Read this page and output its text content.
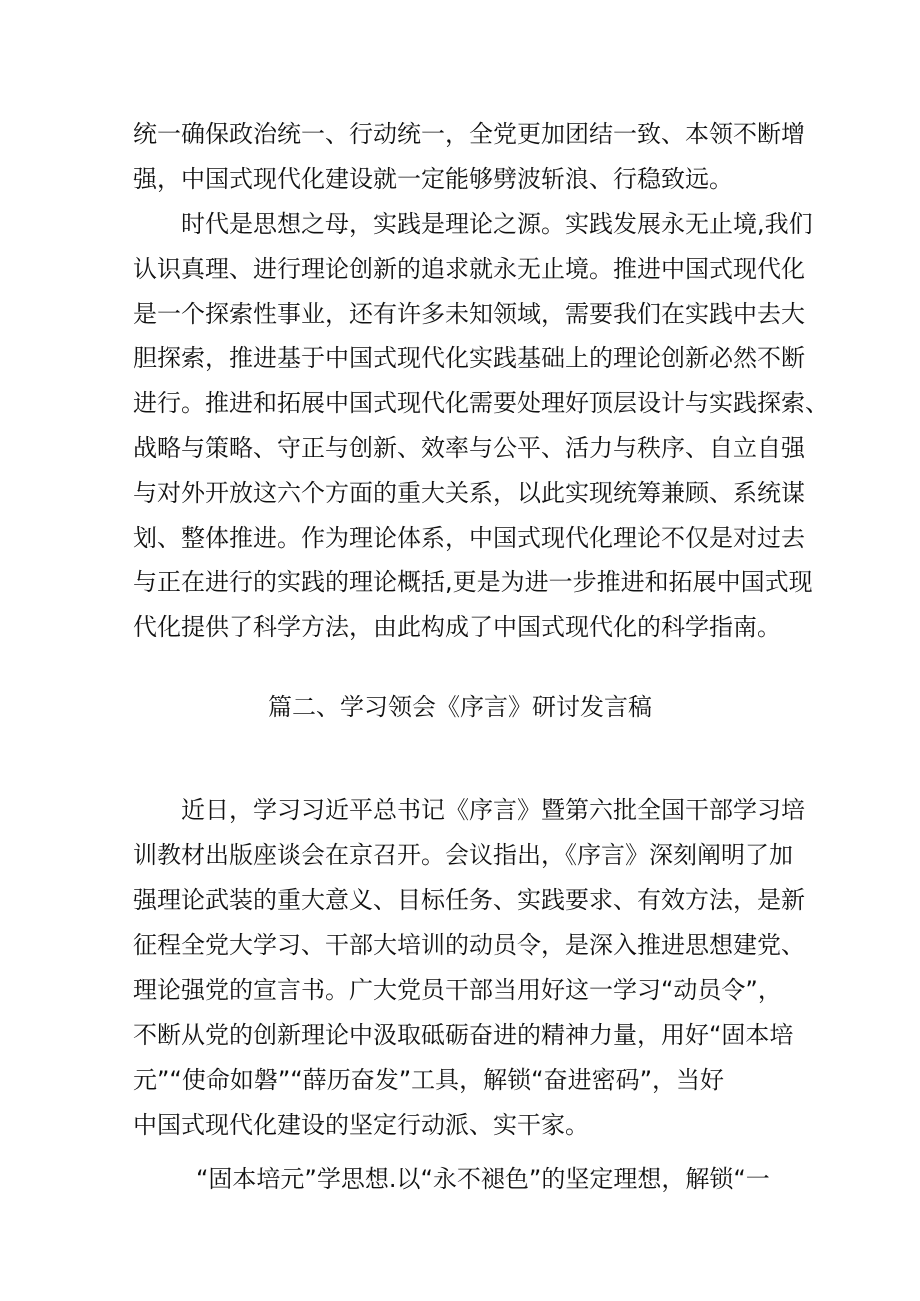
统一确保政治统一、行动统一，全党更加团结一致、本领不断增
强，中国式现代化建设就一定能够劈波斩浪、行稳致远。
时代是思想之母，实践是理论之源。实践发展永无止境,我们
认识真理、进行理论创新的追求就永无止境。推进中国式现代化
是一个探索性事业，还有许多未知领域，需要我们在实践中去大
胆探索，推进基于中国式现代化实践基础上的理论创新必然不断
进行。推进和拓展中国式现代化需要处理好顶层设计与实践探索、
战略与策略、守正与创新、效率与公平、活力与秩序、自立自强
与对外开放这六个方面的重大关系，以此实现统筹兼顾、系统谋
划、整体推进。作为理论体系，中国式现代化理论不仅是对过去
与正在进行的实践的理论概括,更是为进一步推进和拓展中国式现
代化提供了科学方法，由此构成了中国式现代化的科学指南。
篇二、学习领会《序言》研讨发言稿
近日，学习习近平总书记《序言》暨第六批全国干部学习培
训教材出版座谈会在京召开。会议指出，《序言》深刻阐明了加
强理论武装的重大意义、目标任务、实践要求、有效方法，是新
征程全党大学习、干部大培训的动员令，是深入推进思想建党、
理论强党的宣言书。广大党员干部当用好这一学习“动员令”，
不断从党的创新理论中汲取砥砺奋进的精神力量，用好“固本培
元”“使命如磐”“薛历奋发”工具，解锁“奋进密码”，当好
中国式现代化建设的坚定行动派、实干家。
“固本培元”学思想.以“永不褪色”的坚定理想，解锁“一
